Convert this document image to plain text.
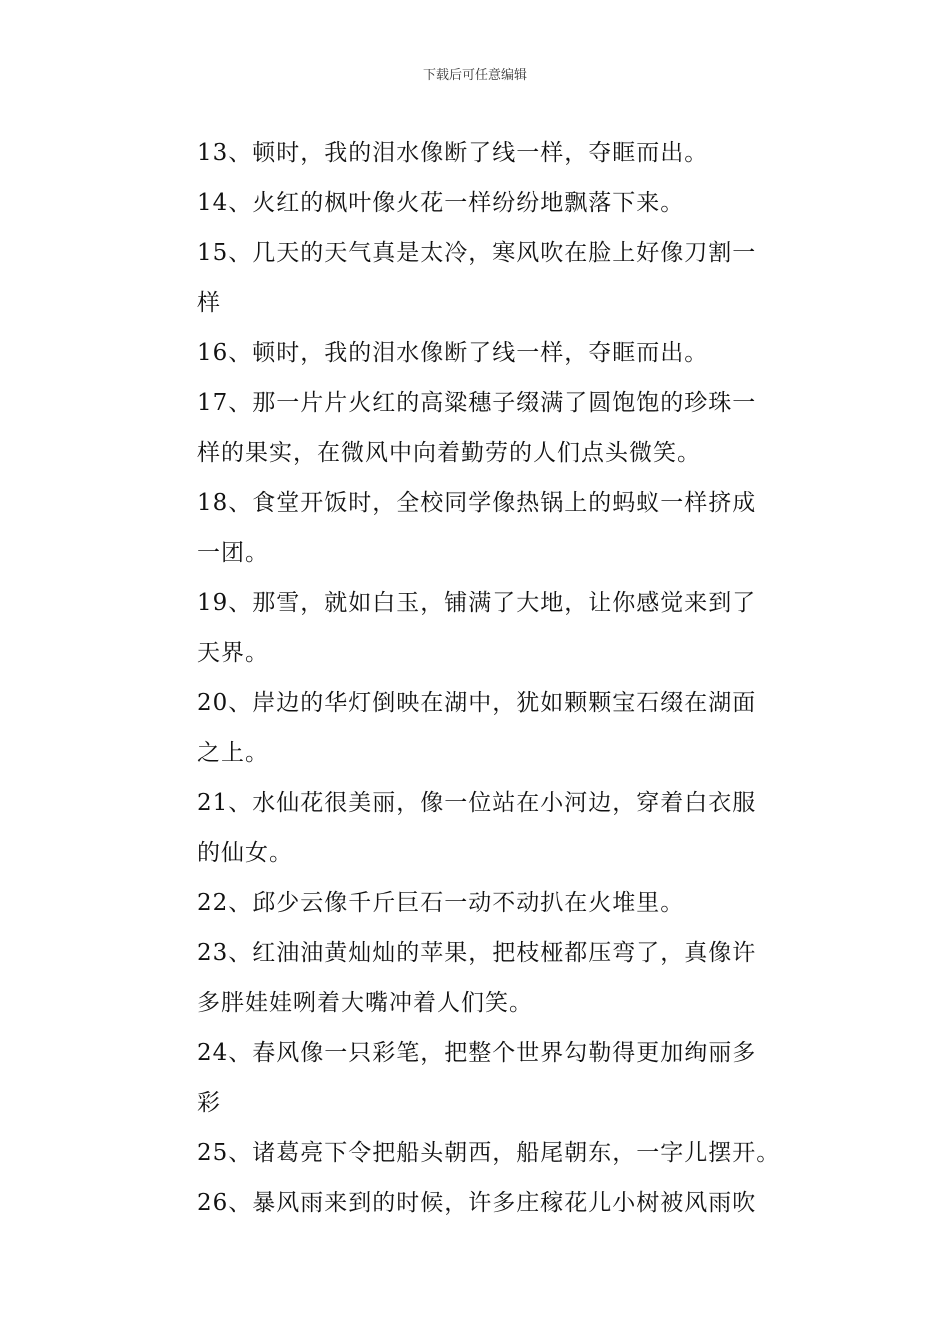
下载后可任意编辑

13、顿时，我的泪水像断了线一样，夺眶而出。

14、火红的枫叶像火花一样纷纷地飘落下来。

15、几天的天气真是太冷，寒风吹在脸上好像刀割一
样

16、顿时，我的泪水像断了线一样，夺眶而出。

17、那一片片火红的高粱穗子缀满了圆饱饱的珍珠一
样的果实，在微风中向着勤劳的人们点头微笑。

18、食堂开饭时，全校同学像热锅上的蚂蚁一样挤成
一团。

19、那雪，就如白玉，铺满了大地，让你感觉来到了
天界。

20、岸边的华灯倒映在湖中，犹如颗颗宝石缀在湖面
之上。

21、水仙花很美丽，像一位站在小河边，穿着白衣服
的仙女。

22、邱少云像千斤巨石一动不动扒在火堆里。

23、红油油黄灿灿的苹果，把枝桠都压弯了，真像许
多胖娃娃咧着大嘴冲着人们笑。

24、春风像一只彩笔，把整个世界勾勒得更加绚丽多
彩

25、诸葛亮下令把船头朝西，船尾朝东，一字儿摆开。

26、暴风雨来到的时候，许多庄稼花儿小树被风雨吹
